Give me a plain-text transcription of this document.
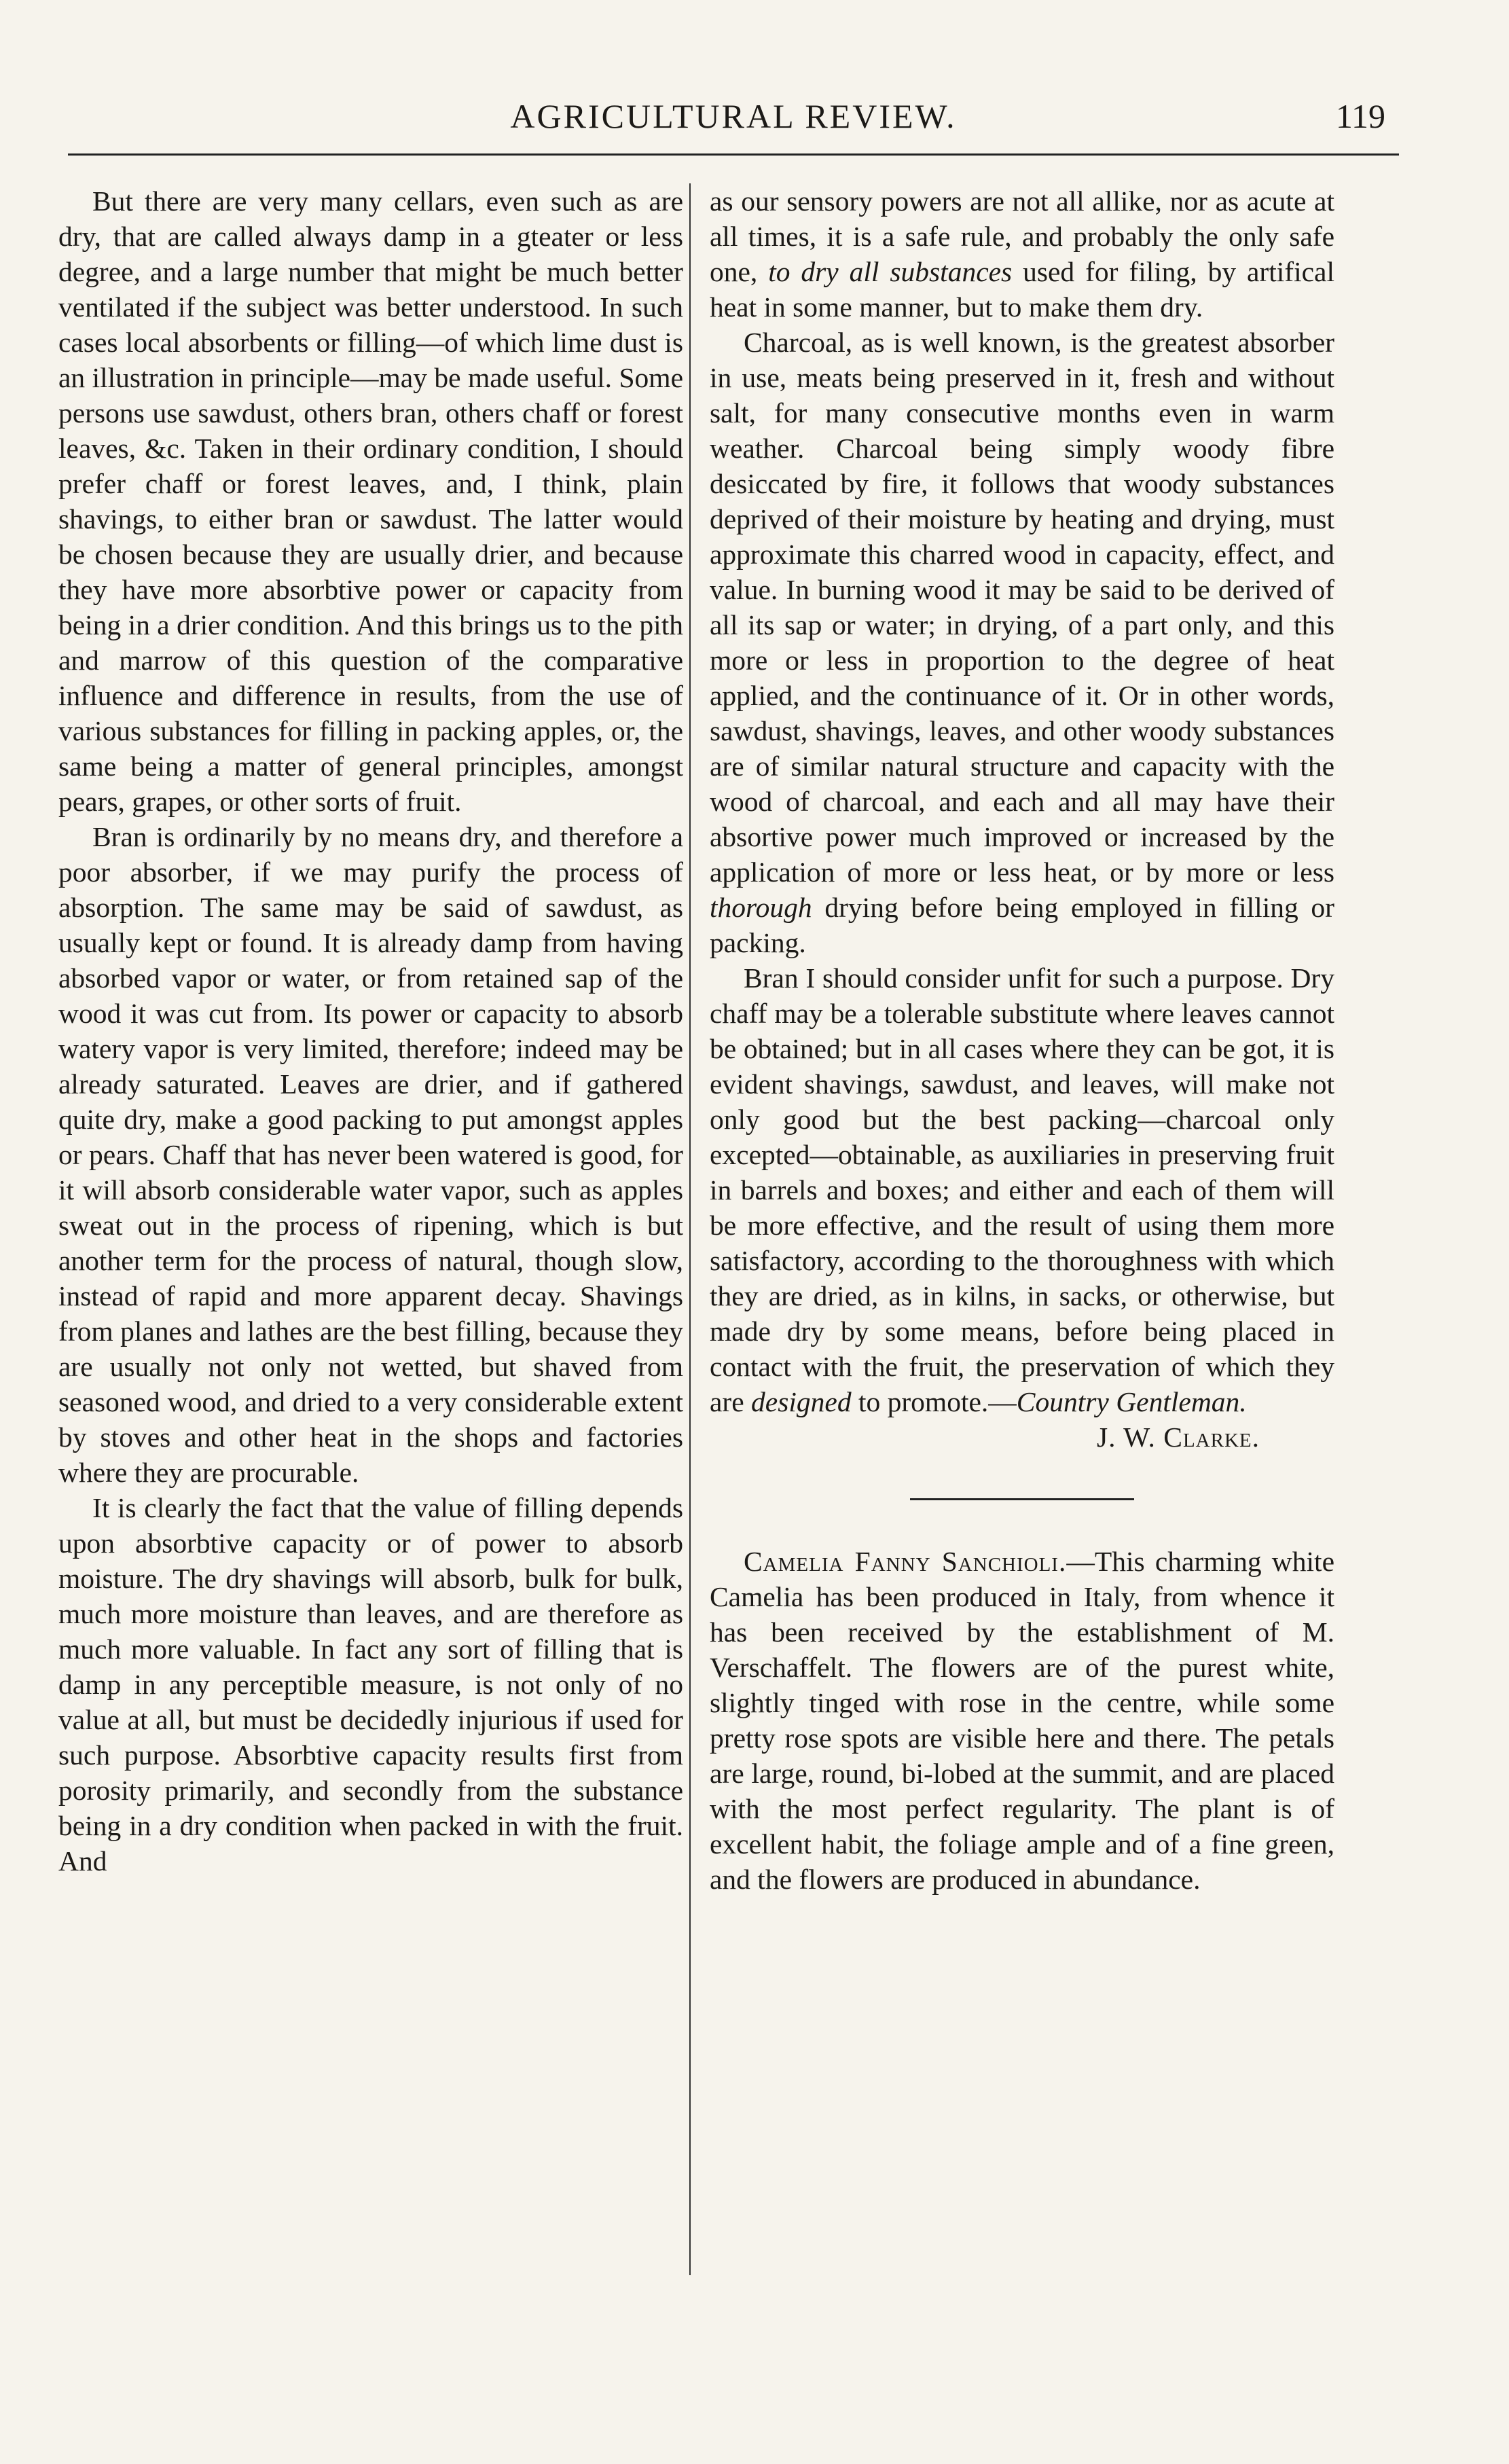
AGRICULTURAL REVIEW.	119

But there are very many cellars, even such as are dry, that are called always damp in a gteater or less degree, and a large number that might be much better ventilated if the subject was better understood. In such cases local absorbents or filling—of which lime dust is an illustration in principle—may be made useful. Some persons use sawdust, others bran, others chaff or forest leaves, &c. Taken in their ordinary condition, I should prefer chaff or forest leaves, and, I think, plain shavings, to either bran or sawdust. The latter would be chosen because they are usually drier, and because they have more absorbtive power or capacity from being in a drier condition. And this brings us to the pith and marrow of this question of the comparative influence and difference in results, from the use of various substances for filling in packing apples, or, the same being a matter of general principles, amongst pears, grapes, or other sorts of fruit.

Bran is ordinarily by no means dry, and therefore a poor absorber, if we may purify the process of absorption. The same may be said of sawdust, as usually kept or found. It is already damp from having absorbed vapor or water, or from retained sap of the wood it was cut from. Its power or capacity to absorb watery vapor is very limited, therefore; indeed may be already saturated. Leaves are drier, and if gathered quite dry, make a good packing to put amongst apples or pears. Chaff that has never been watered is good, for it will absorb considerable water vapor, such as apples sweat out in the process of ripening, which is but another term for the process of natural, though slow, instead of rapid and more apparent decay. Shavings from planes and lathes are the best filling, because they are usually not only not wetted, but shaved from seasoned wood, and dried to a very considerable extent by stoves and other heat in the shops and factories where they are procurable.

It is clearly the fact that the value of filling depends upon absorbtive capacity or of power to absorb moisture. The dry shavings will absorb, bulk for bulk, much more moisture than leaves, and are therefore as much more valuable. In fact any sort of filling that is damp in any perceptible measure, is not only of no value at all, but must be decidedly injurious if used for such purpose. Absorbtive capacity results first from porosity primarily, and secondly from the substance being in a dry condition when packed in with the fruit. And

as our sensory powers are not all allike, nor as acute at all times, it is a safe rule, and probably the only safe one, to dry all substances used for filing, by artifical heat in some manner, but to make them dry.

Charcoal, as is well known, is the greatest absorber in use, meats being preserved in it, fresh and without salt, for many consecutive months even in warm weather. Charcoal being simply woody fibre desiccated by fire, it follows that woody substances deprived of their moisture by heating and drying, must approximate this charred wood in capacity, effect, and value. In burning wood it may be said to be derived of all its sap or water; in drying, of a part only, and this more or less in proportion to the degree of heat applied, and the continuance of it. Or in other words, sawdust, shavings, leaves, and other woody substances are of similar natural structure and capacity with the wood of charcoal, and each and all may have their absortive power much improved or increased by the application of more or less heat, or by more or less thorough drying before being employed in filling or packing.

Bran I should consider unfit for such a purpose. Dry chaff may be a tolerable substitute where leaves cannot be obtained; but in all cases where they can be got, it is evident shavings, sawdust, and leaves, will make not only good but the best packing—charcoal only excepted—obtainable, as auxiliaries in preserving fruit in barrels and boxes; and either and each of them will be more effective, and the result of using them more satisfactory, according to the thoroughness with which they are dried, as in kilns, in sacks, or otherwise, but made dry by some means, before being placed in contact with the fruit, the preservation of which they are designed to promote.—Country Gentleman.

J. W. Clarke.

Camelia Fanny Sanchioli.—This charming white Camelia has been produced in Italy, from whence it has been received by the establishment of M. Verschaffelt. The flowers are of the purest white, slightly tinged with rose in the centre, while some pretty rose spots are visible here and there. The petals are large, round, bi-lobed at the summit, and are placed with the most perfect regularity. The plant is of excellent habit, the foliage ample and of a fine green, and the flowers are produced in abundance.
